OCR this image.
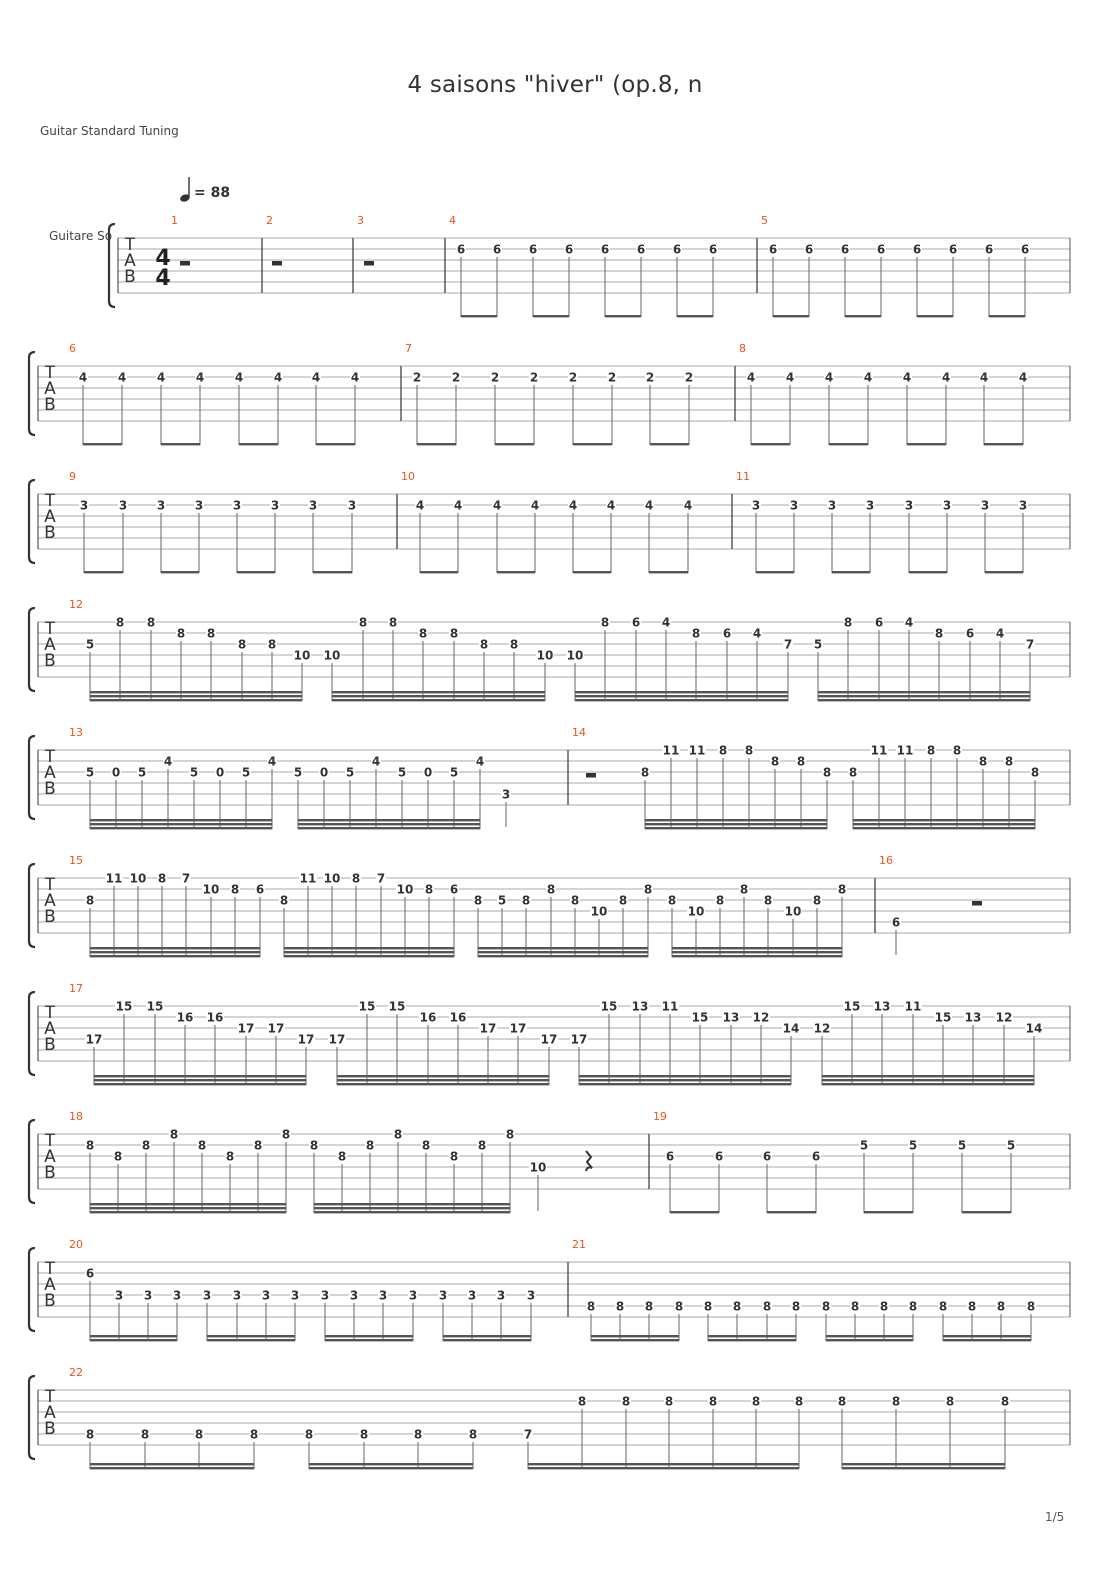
4 saisons "hiver" (op.8, n
Guitar Standard Tuning
= 88
Guitare So
1/5
T
A
B
4
4
1	2	3	4	5
6 6 6 6 6 6 6 6	6 6 6 6 6 6 6 6
T
A
B
6	7	8
4	4	4	4	4	4 4	4	2	2	2	2	2	2 2	2	4	4	4	4	4	4 4	4
T
A
B
9	10	11
3	3 3 3 3 3 3	3	4 4	4 4 4 4 4	4	3 3 3 3	3 3 3 3
T
A
B
12
5
8 8
8 8
8 8
10 10
8 8
8 8
8 8
10 10
8 6 4
8 6 4
7 5
8 6 4
8 6 4
7
T
A
B
13	14
5 0 5
4
5 0 5
4
5 0 5
4
5 0 5
4
3
8
11 11 8 8
8 8
8 8
11 11 8 8
8 8
8
T
A
B
15	16
8
11 10 8 7
10 8 6
8
11 10 8 7
10 8 6
8 5 8
8
8
10
8
8
8
10
8
8
8
10
8
8
6
T
A
B
17
17
15 15
16 16
17 17
17 17
15 15
16 16
17 17
17 17
15 13 11
15 13 12
14 12
15 13 11
15 13 12
14
T
A
B
18	19
8
8
8
8
8
8
8
8
8
8
8
8
8
8
8
8
10
6	6	6	6
5	5	5	5
T
A
B
20	21
6
3 3 3 3 3 3 3 3 3 3 3 3 3 3 3
8 8 8 8 8 8 8 8 8 8 8 8 8 8 8 8
T
A
B
22
8	8	8	8	8	8	8	8	7
8	8	8	8	8	8	8	8	8	8
